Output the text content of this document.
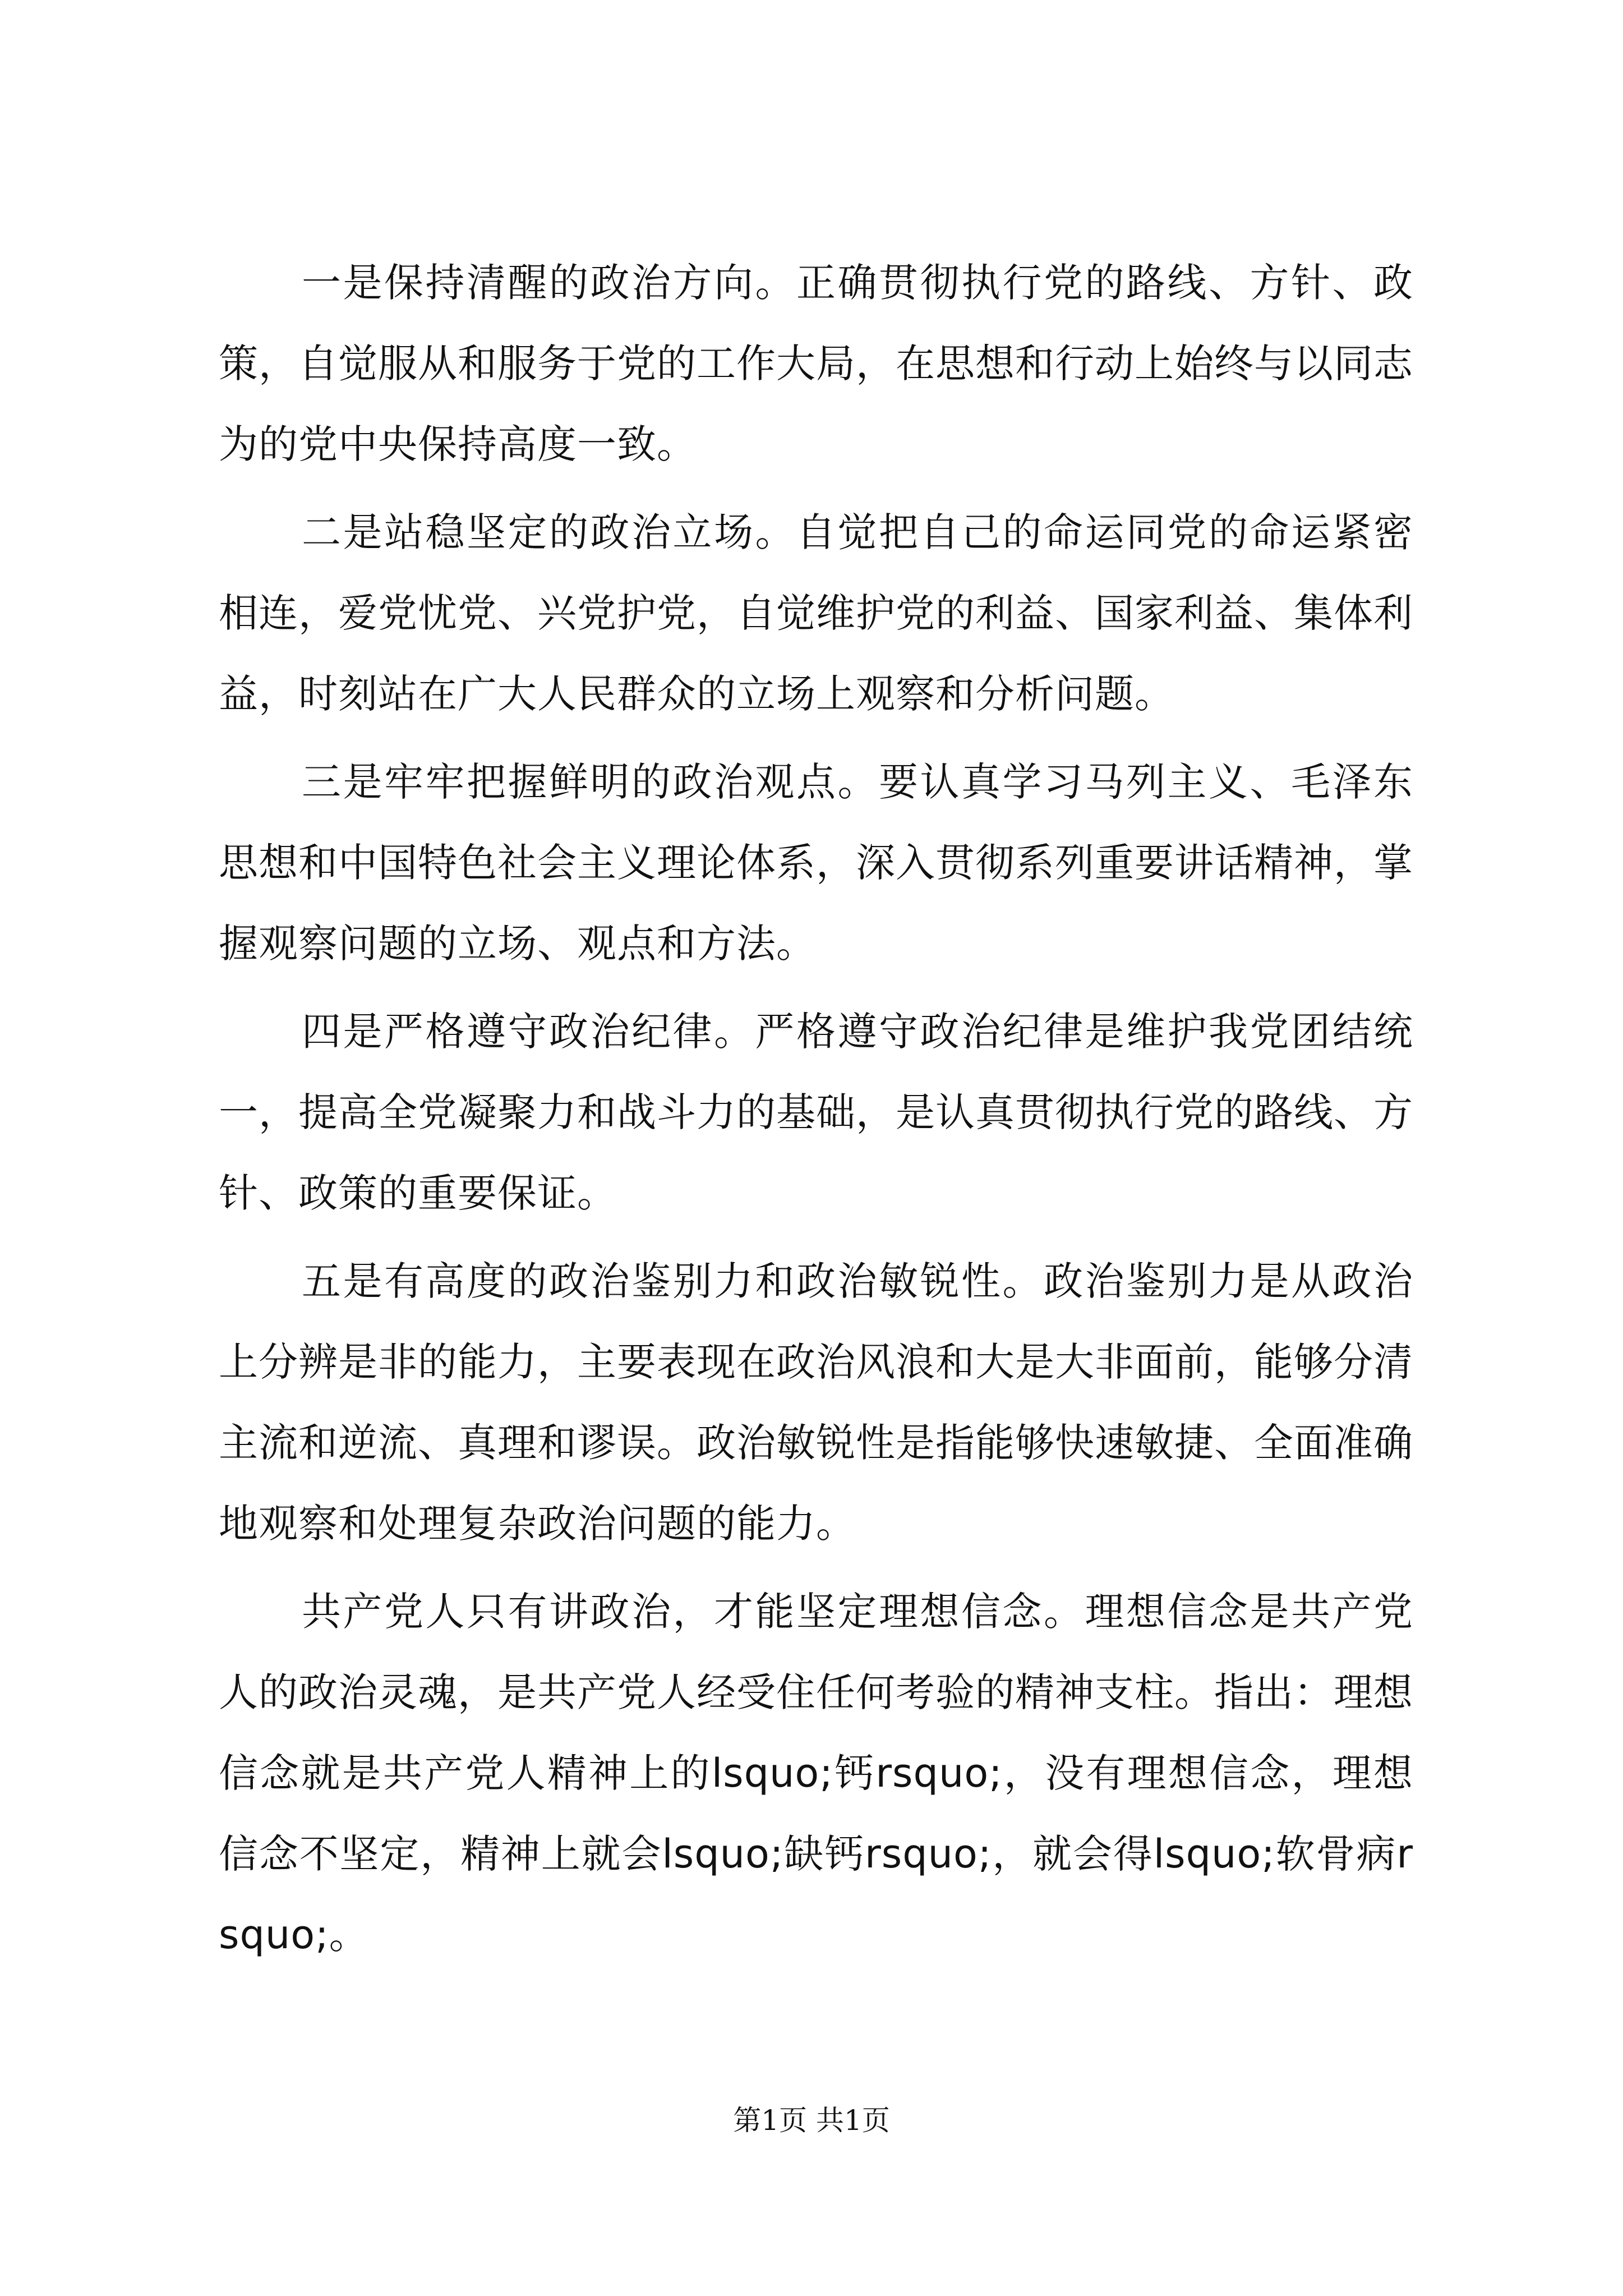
一是保持清醒的政治方向。正确贯彻执行党的路线、方针、政策，自觉服从和服务于党的工作大局，在思想和行动上始终与以同志为的党中央保持高度一致。

二是站稳坚定的政治立场。自觉把自己的命运同党的命运紧密相连，爱党忧党、兴党护党，自觉维护党的利益、国家利益、集体利益，时刻站在广大人民群众的立场上观察和分析问题。

三是牢牢把握鲜明的政治观点。要认真学习马列主义、毛泽东思想和中国特色社会主义理论体系，深入贯彻系列重要讲话精神，掌握观察问题的立场、观点和方法。

四是严格遵守政治纪律。严格遵守政治纪律是维护我党团结统一，提高全党凝聚力和战斗力的基础，是认真贯彻执行党的路线、方针、政策的重要保证。

五是有高度的政治鉴别力和政治敏锐性。政治鉴别力是从政治上分辨是非的能力，主要表现在政治风浪和大是大非面前，能够分清主流和逆流、真理和谬误。政治敏锐性是指能够快速敏捷、全面准确地观察和处理复杂政治问题的能力。

共产党人只有讲政治，才能坚定理想信念。理想信念是共产党人的政治灵魂，是共产党人经受住任何考验的精神支柱。指出：理想信念就是共产党人精神上的lsquo;钙rsquo;，没有理想信念，理想信念不坚定，精神上就会lsquo;缺钙rsquo;，就会得lsquo;软骨病rsquo;。

第1页 共1页
